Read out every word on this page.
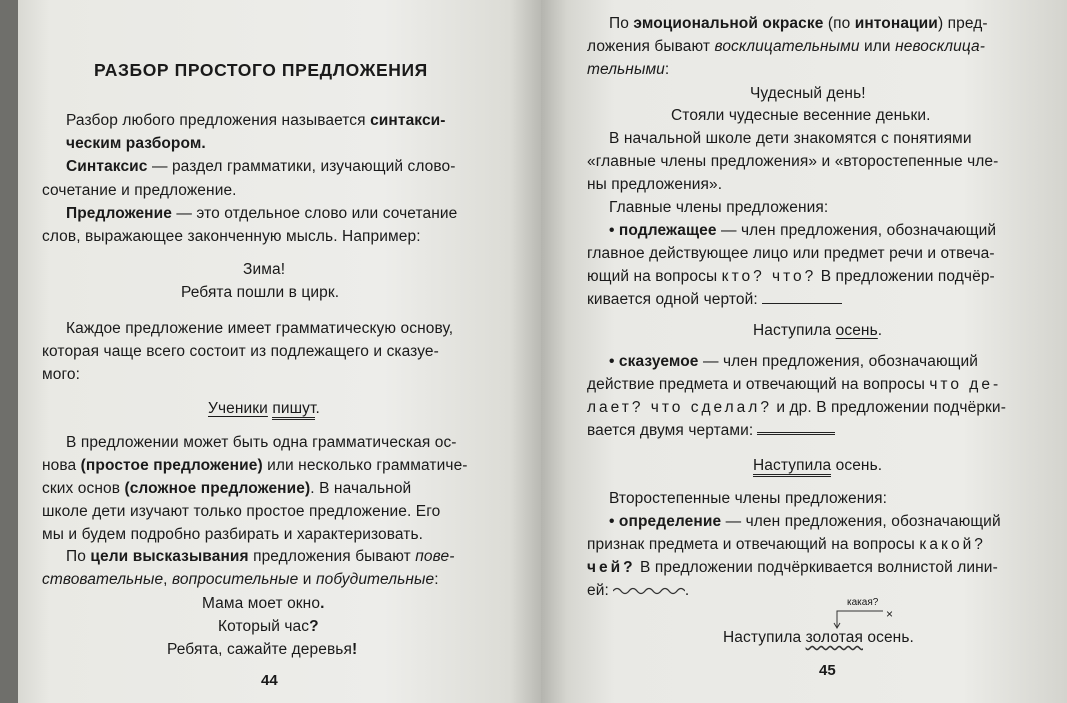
РАЗБОР ПРОСТОГО ПРЕДЛОЖЕНИЯ
Разбор любого предложения называется синтакси-
ческим разбором.
Синтаксис — раздел грамматики, изучающий слово-
сочетание и предложение.
Предложение — это отдельное слово или сочетание
слов, выражающее законченную мысль. Например:
Зима!
Ребята пошли в цирк.
Каждое предложение имеет грамматическую основу,
которая чаще всего состоит из подлежащего и сказуе-
мого:
Ученики пишут.
В предложении может быть одна грамматическая ос-
нова (простое предложение) или несколько грамматиче-
ских основ (сложное предложение). В начальной
школе дети изучают только простое предложение. Его
мы и будем подробно разбирать и характеризовать.
По цели высказывания предложения бывают пове-
ствовательные, вопросительные и побудительные:
Мама моет окно.
Который час?
Ребята, сажайте деревья!
44
По эмоциональной окраске (по интонации) пред-
ложения бывают восклицательными или невосклица-
тельными:
Чудесный день!
Стояли чудесные весенние деньки.
В начальной школе дети знакомятся с понятиями
«главные члены предложения» и «второстепенные чле-
ны предложения».
Главные члены предложения:
• подлежащее — член предложения, обозначающий
главное действующее лицо или предмет речи и отвеча-
ющий на вопросы кто? что? В предложении подчёр-
кивается одной чертой:
Наступила осень.
• сказуемое — член предложения, обозначающий
действие предмета и отвечающий на вопросы что де-
лает? что сделал? и др. В предложении подчёрки-
вается двумя чертами:
Наступила осень.
Второстепенные члены предложения:
• определение — член предложения, обозначающий
признак предмета и отвечающий на вопросы какой?
чей? В предложении подчёркивается волнистой лини-
ей:	.
какая?
×
Наступила золотая осень.
45
